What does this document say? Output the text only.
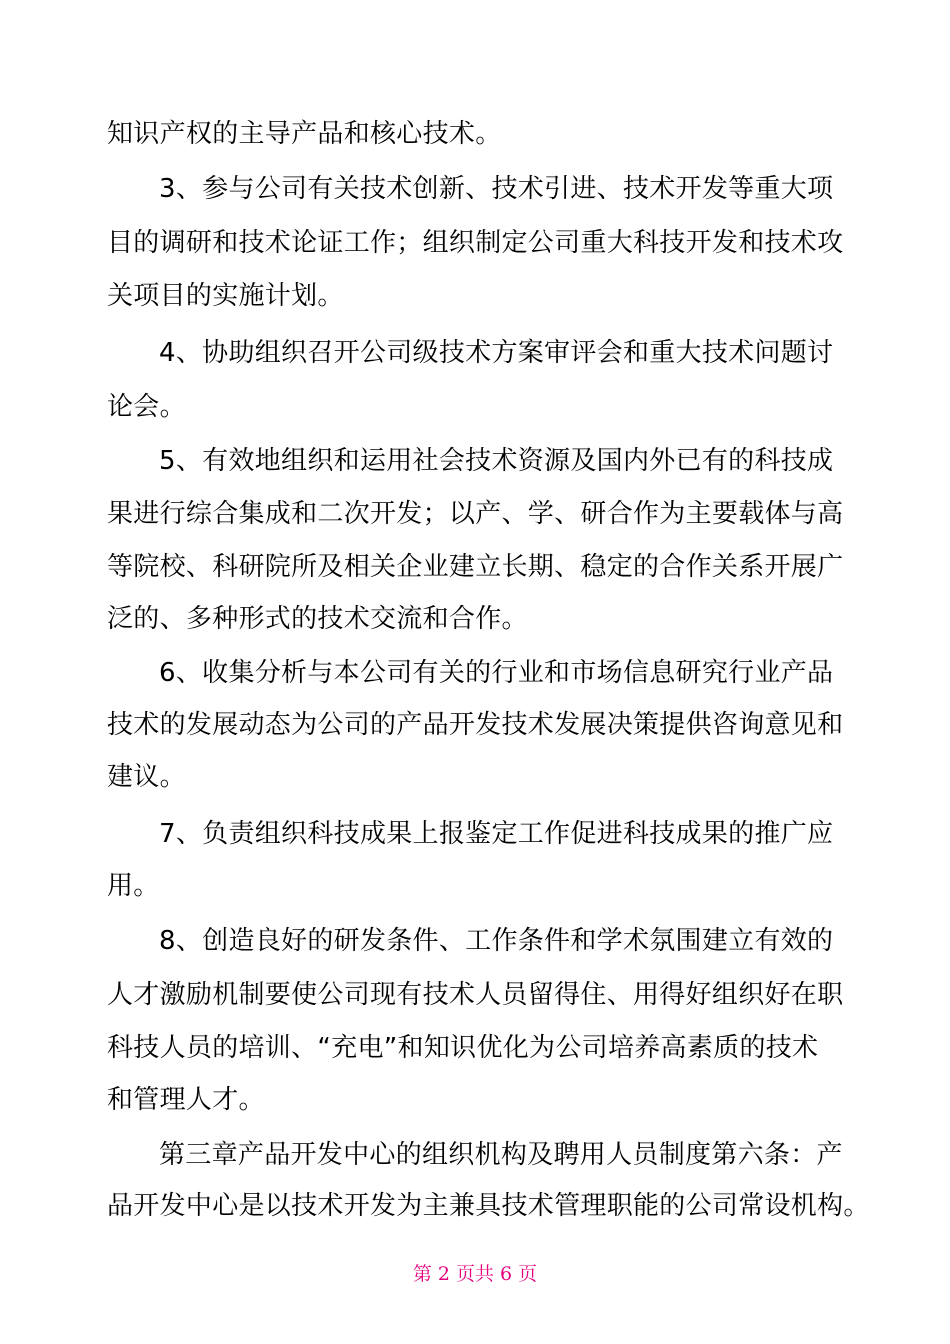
知识产权的主导产品和核心技术。
3、参与公司有关技术创新、技术引进、技术开发等重大项
目的调研和技术论证工作；组织制定公司重大科技开发和技术攻
关项目的实施计划。
4、协助组织召开公司级技术方案审评会和重大技术问题讨
论会。
5、有效地组织和运用社会技术资源及国内外已有的科技成
果进行综合集成和二次开发；以产、学、研合作为主要载体与高
等院校、科研院所及相关企业建立长期、稳定的合作关系开展广
泛的、多种形式的技术交流和合作。
6、收集分析与本公司有关的行业和市场信息研究行业产品
技术的发展动态为公司的产品开发技术发展决策提供咨询意见和
建议。
7、负责组织科技成果上报鉴定工作促进科技成果的推广应
用。
8、创造良好的研发条件、工作条件和学术氛围建立有效的
人才激励机制要使公司现有技术人员留得住、用得好组织好在职
科技人员的培训、“充电”和知识优化为公司培养高素质的技术
和管理人才。
第三章产品开发中心的组织机构及聘用人员制度第六条：产
品开发中心是以技术开发为主兼具技术管理职能的公司常设机构。
第 2 页共 6 页
